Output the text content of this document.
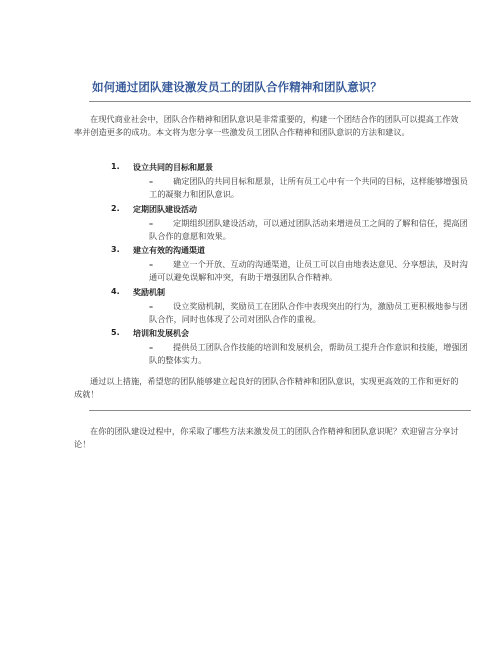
如何通过团队建设激发员工的团队合作精神和团队意识？
在现代商业社会中，团队合作精神和团队意识是非常重要的，构建一个团结合作的团队可以提高工作效率并创造更多的成功。本文将为您分享一些激发员工团队合作精神和团队意识的方法和建议。
1. 设立共同的目标和愿景
– 确定团队的共同目标和愿景，让所有员工心中有一个共同的目标，这样能够增强员工的凝聚力和团队意识。
2. 定期团队建设活动
– 定期组织团队建设活动，可以通过团队活动来增进员工之间的了解和信任，提高团队合作的意愿和效果。
3. 建立有效的沟通渠道
– 建立一个开放、互动的沟通渠道，让员工可以自由地表达意见、分享想法，及时沟通可以避免误解和冲突，有助于增强团队合作精神。
4. 奖励机制
– 设立奖励机制，奖励员工在团队合作中表现突出的行为，激励员工更积极地参与团队合作，同时也体现了公司对团队合作的重视。
5. 培训和发展机会
– 提供员工团队合作技能的培训和发展机会，帮助员工提升合作意识和技能，增强团队的整体实力。
通过以上措施，希望您的团队能够建立起良好的团队合作精神和团队意识，实现更高效的工作和更好的成就！
在你的团队建设过程中，你采取了哪些方法来激发员工的团队合作精神和团队意识呢？欢迎留言分享讨论！
